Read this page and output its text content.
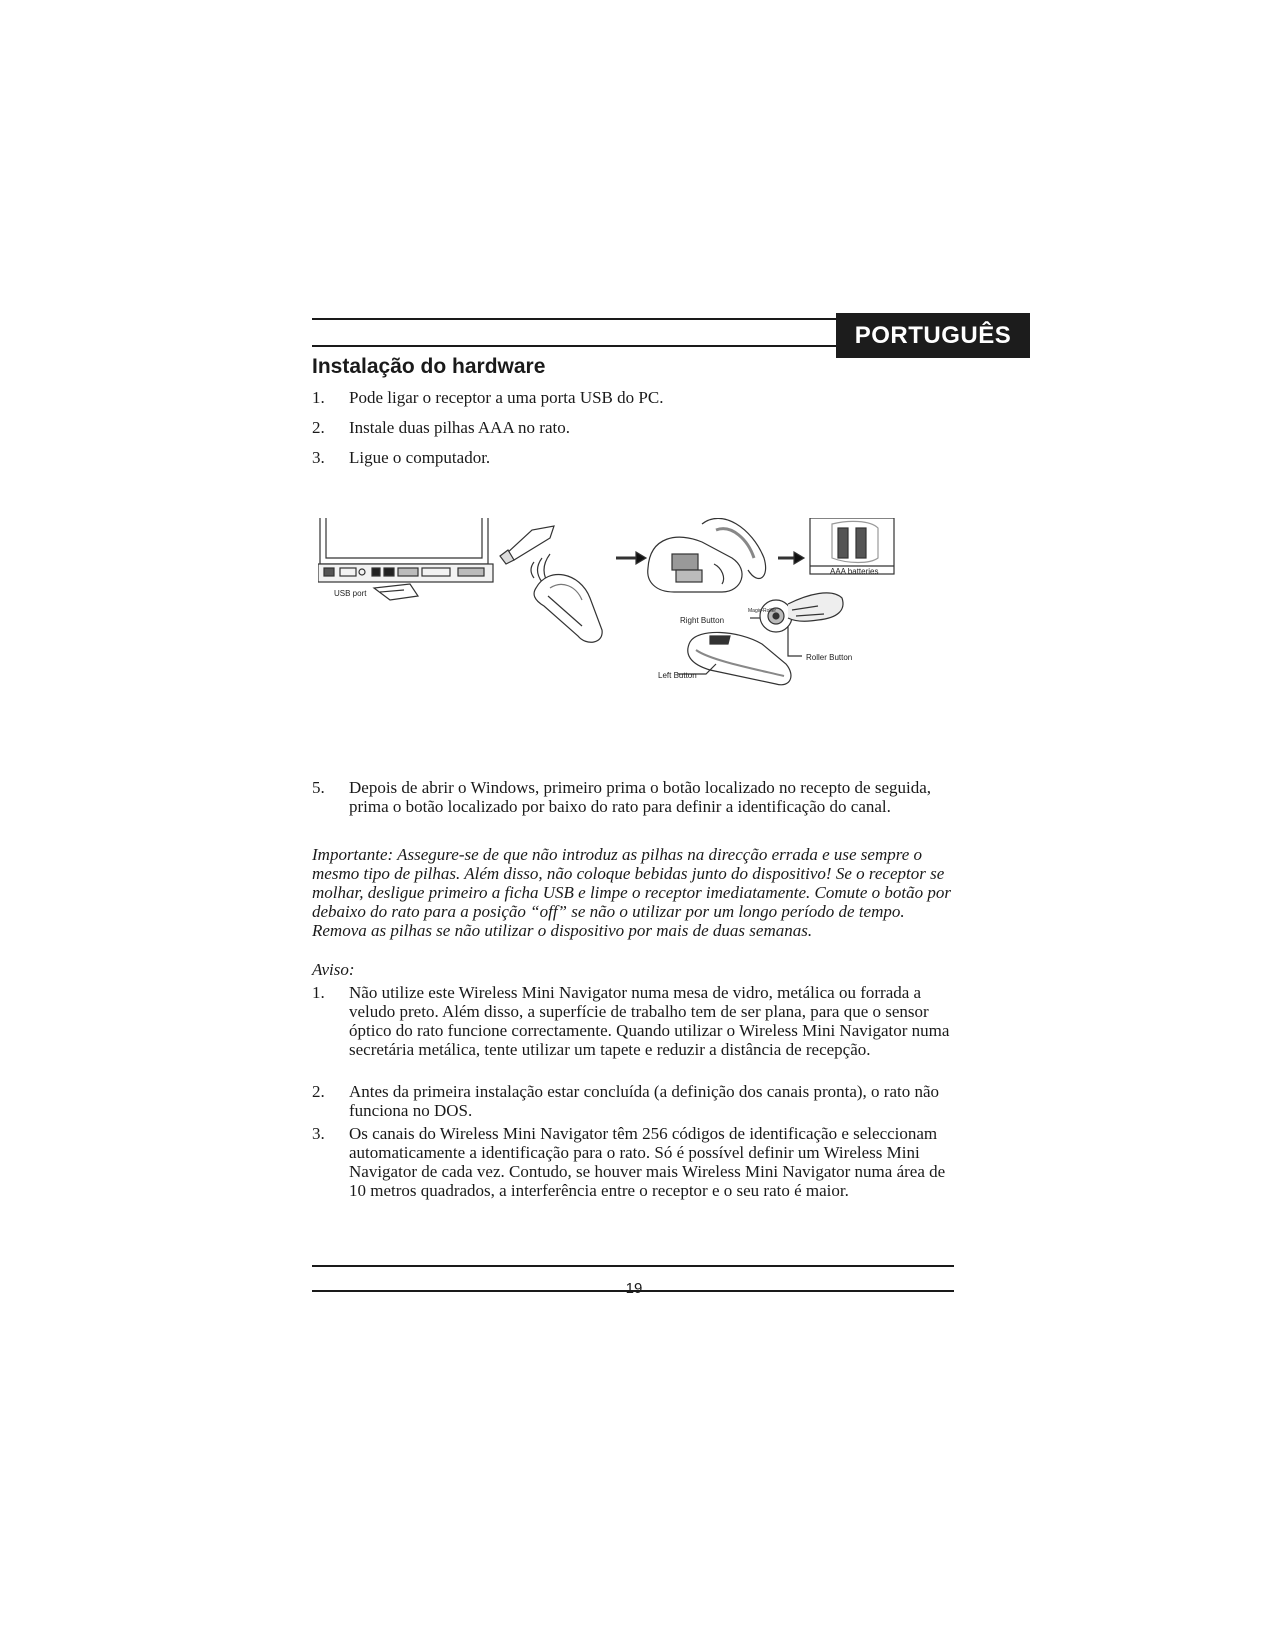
PORTUGUÊS
Instalação do hardware
1. Pode ligar o receptor a uma porta USB do PC.
2. Instale duas pilhas AAA no rato.
3. Ligue o computador.
USB port
AAA batteries
Right Button
Magic-Roller
Roller Button
Left Button
5. Depois de abrir o Windows, primeiro prima o botão localizado no recepto de seguida, prima o botão localizado por baixo do rato para definir a identificação do canal.
Importante: Assegure-se de que não introduz as pilhas na direcção errada e use sempre o mesmo tipo de pilhas. Além disso, não coloque bebidas junto do dispositivo! Se o receptor se molhar, desligue primeiro a ficha USB e limpe o receptor imediatamente. Comute o botão por debaixo do rato para a posição “off” se não o utilizar por um longo período de tempo. Remova as pilhas se não utilizar o dispositivo por mais de duas semanas.
Aviso:
1. Não utilize este Wireless Mini Navigator numa mesa de vidro, metálica ou forrada a veludo preto. Além disso, a superfície de trabalho tem de ser plana, para que o sensor óptico do rato funcione correctamente. Quando utilizar o Wireless Mini Navigator numa secretária metálica, tente utilizar um tapete e reduzir a distância de recepção.
2. Antes da primeira instalação estar concluída (a definição dos canais pronta), o rato não funciona no DOS.
3. Os canais do Wireless Mini Navigator têm 256 códigos de identificação e seleccionam automaticamente a identificação para o rato. Só é possível definir um Wireless Mini Navigator de cada vez. Contudo, se houver mais Wireless Mini Navigator numa área de 10 metros quadrados, a interferência entre o receptor e o seu rato é maior.
19
